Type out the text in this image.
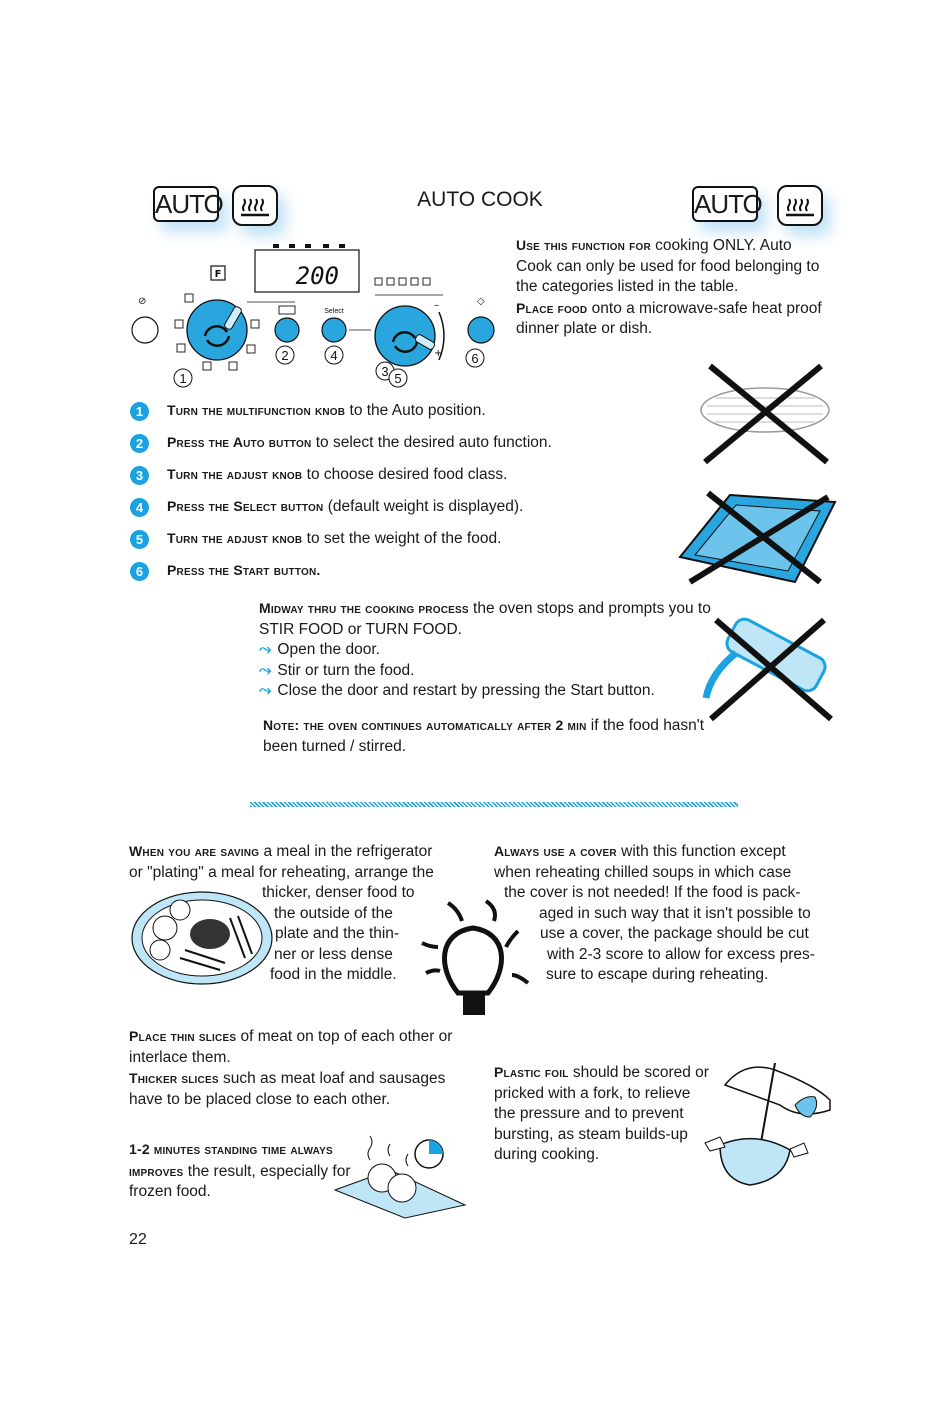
AUTO	AUTO COOK	AUTO
200
F
⊘
Select
–
+
◇
1
2	4
3 5
6
Use this function for cooking ONLY. Auto Cook can only be used for food belonging to the categories listed in the table.
Place food onto a microwave-safe heat proof dinner plate or dish.
1	Turn the multifunction knob to the Auto position.
2	Press the Auto button to select the desired auto function.
3	Turn the adjust knob to choose desired food class.
4	Press the Select button (default weight is displayed).
5	Turn the adjust knob to set the weight of the food.
6	Press the Start button.
Midway thru the cooking process the oven stops and prompts you to STIR FOOD or TURN FOOD.
⤳ Open the door.
⤳ Stir or turn the food.
⤳ Close the door and restart by pressing the Start button.
Note: the oven continues automatically after 2 min if the food hasn't been turned / stirred.
When you are saving a meal in the refrigerator
or "plating" a meal for reheating, arrange the
thicker, denser food to
the outside of the
plate and the thin-
ner or less dense
food in the middle.
Always use a cover with this function except
when reheating chilled soups in which case
the cover is not needed! If the food is pack-
aged in such way that it isn't possible to
use a cover, the package should be cut
with 2-3 score to allow for excess pres-
sure to escape during reheating.
Place thin slices of meat on top of each other or interlace them.
Thicker slices such as meat loaf and sausages have to be placed close to each other.
1-2 minutes standing time always improves the result, especially for frozen food.
Plastic foil should be scored or
pricked with a fork, to relieve
the pressure and to prevent
bursting, as steam builds-up
during cooking.
22
